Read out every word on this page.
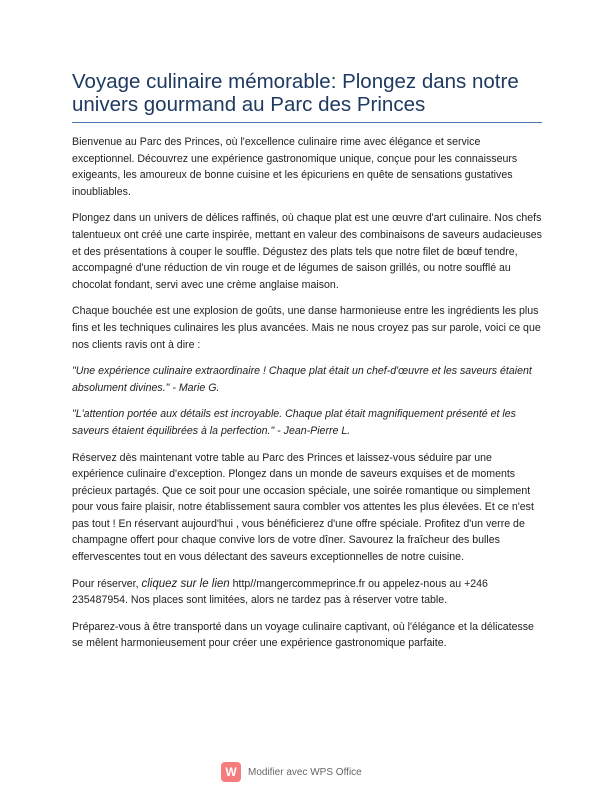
Voyage culinaire mémorable: Plongez dans notre univers gourmand au Parc des Princes

Bienvenue au Parc des Princes, où l'excellence culinaire rime avec élégance et service exceptionnel. Découvrez une expérience gastronomique unique, conçue pour les connaisseurs exigeants, les amoureux de bonne cuisine et les épicuriens en quête de sensations gustatives inoubliables.

Plongez dans un univers de délices raffinés, où chaque plat est une œuvre d'art culinaire. Nos chefs talentueux ont créé une carte inspirée, mettant en valeur des combinaisons de saveurs audacieuses et des présentations à couper le souffle. Dégustez des plats tels que notre filet de bœuf tendre, accompagné d'une réduction de vin rouge et de légumes de saison grillés, ou notre soufflé au chocolat fondant, servi avec une crème anglaise maison.

Chaque bouchée est une explosion de goûts, une danse harmonieuse entre les ingrédients les plus fins et les techniques culinaires les plus avancées. Mais ne nous croyez pas sur parole, voici ce que nos clients ravis ont à dire :

"Une expérience culinaire extraordinaire ! Chaque plat était un chef-d'œuvre et les saveurs étaient absolument divines." - Marie G.

"L'attention portée aux détails est incroyable. Chaque plat était magnifiquement présenté et les saveurs étaient équilibrées à la perfection." - Jean-Pierre L.

Réservez dès maintenant votre table au Parc des Princes et laissez-vous séduire par une expérience culinaire d'exception. Plongez dans un monde de saveurs exquises et de moments précieux partagés. Que ce soit pour une occasion spéciale, une soirée romantique ou simplement pour vous faire plaisir, notre établissement saura combler vos attentes les plus élevées. Et ce n'est pas tout ! En réservant aujourd'hui , vous bénéficierez d'une offre spéciale. Profitez d'un verre de champagne offert pour chaque convive lors de votre dîner. Savourez la fraîcheur des bulles effervescentes tout en vous délectant des saveurs exceptionnelles de notre cuisine.

Pour réserver, cliquez sur le lien http//mangercommeprince.fr ou appelez-nous au +246 235487954. Nos places sont limitées, alors ne tardez pas à réserver votre table.

Préparez-vous à être transporté dans un voyage culinaire captivant, où l'élégance et la délicatesse se mêlent harmonieusement pour créer une expérience gastronomique parfaite.

W	Modifier avec WPS Office
